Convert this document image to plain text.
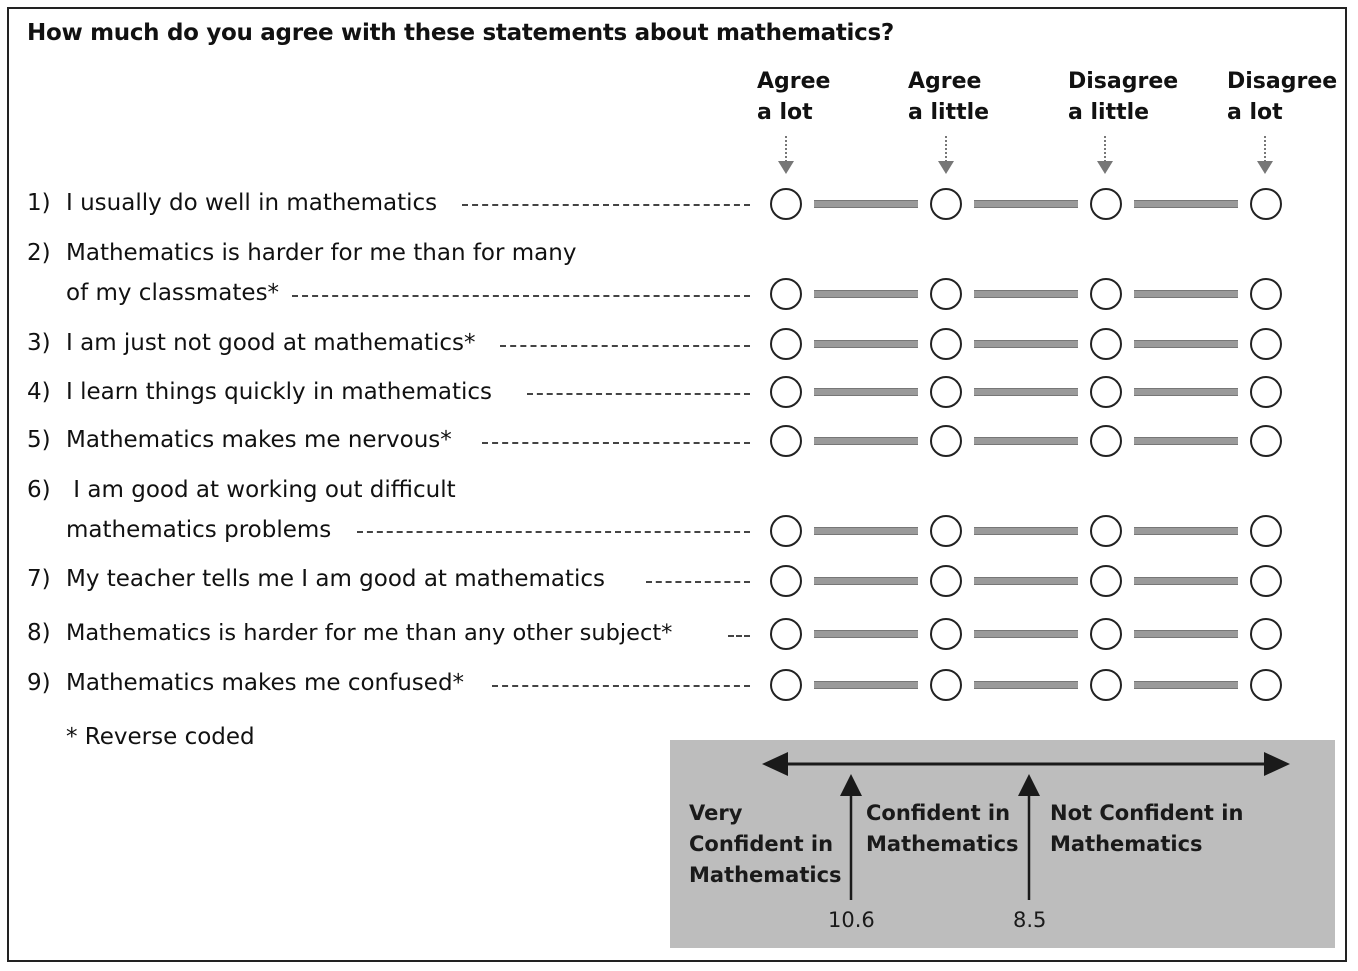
How much do you agree with these statements about mathematics?
Agree
a lot
Agree
a little
Disagree
a little
Disagree
a lot
1) I usually do well in mathematics
2) Mathematics is harder for me than for many
of my classmates*
3) I am just not good at mathematics*
4) I learn things quickly in mathematics
5) Mathematics makes me nervous*
6) I am good at working out difficult
mathematics problems
7) My teacher tells me I am good at mathematics
8) Mathematics is harder for me than any other subject*
9) Mathematics makes me confused*
* Reverse coded
Very
Confident in
Mathematics
Confident in
Mathematics
Not Confident in
Mathematics
10.6	8.5
